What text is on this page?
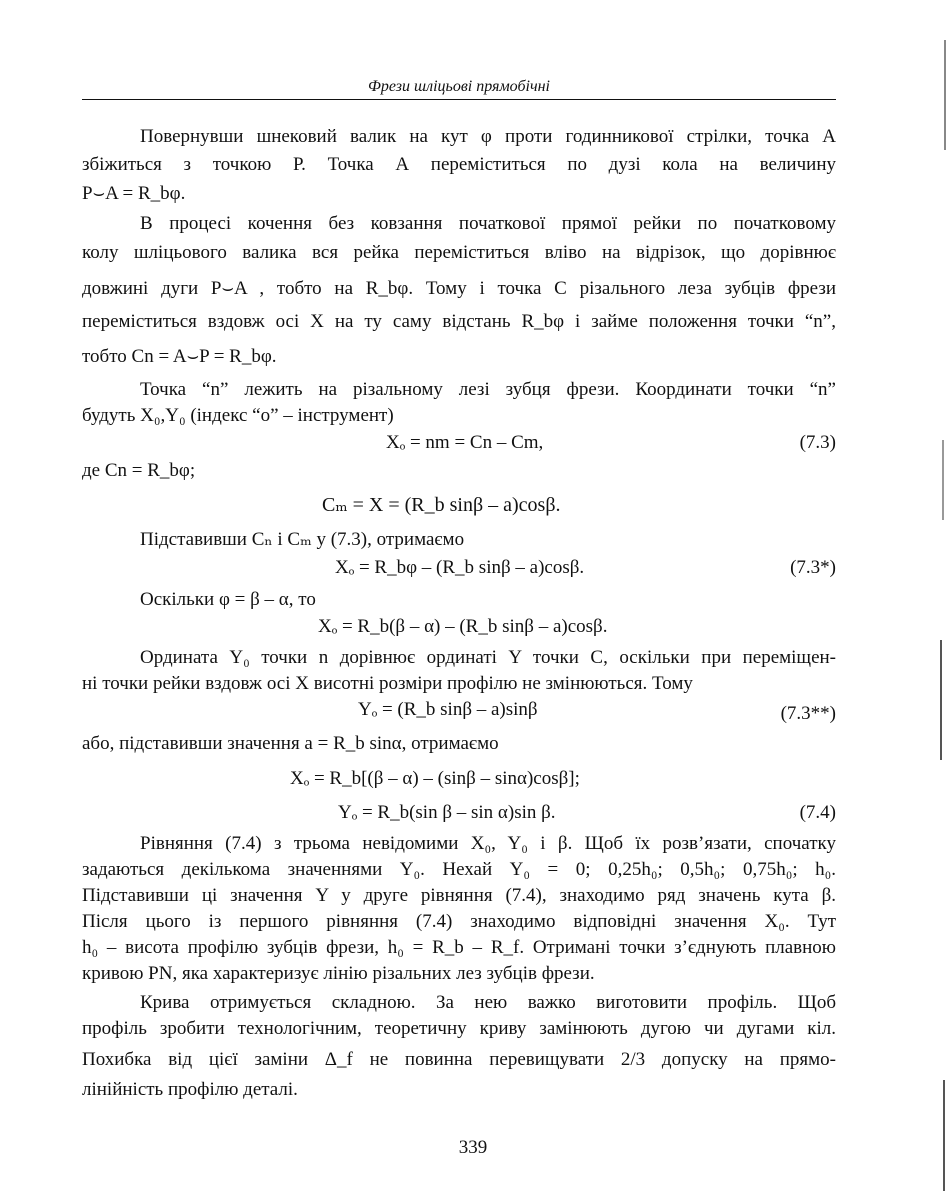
Фрези шліцьові прямобічні
Повернувши шнековий валик на кут φ проти годинникової стрілки, точка А
збіжиться з точкою Р. Точка А переміститься по дузі кола на величину
P⌣A = R_bφ.
В процесі кочення без ковзання початкової прямої рейки по початковому
колу шліцьового валика вся рейка переміститься вліво на відрізок, що дорівнює
довжині дуги P⌣A , тобто на R_bφ. Тому і точка С різального леза зубців фрези
переміститься вздовж осі X на ту саму відстань R_bφ і займе положення точки “n”,
тобто Cn = A⌣P = R_bφ.
Точка “n” лежить на різальному лезі зубця фрези. Координати точки “n”
будуть X₀,Y₀ (індекс “o” – інструмент)
Xₒ = nm = Cn – Cm,	(7.3)
де Cn = R_bφ;
Cₘ = X = (R_b sinβ – a)cosβ.
Підставивши Cₙ і Cₘ у (7.3), отримаємо
Xₒ = R_bφ – (R_b sinβ – a)cosβ.	(7.3*)
Оскільки φ = β – α, то
Xₒ = R_b(β – α) – (R_b sinβ – a)cosβ.
Ордината Y₀ точки n дорівнює ординаті Y точки С, оскільки при переміщен-
ні точки рейки вздовж осі X висотні розміри профілю не змінюються. Тому
Yₒ = (R_b sinβ – a)sinβ	(7.3**)
або, підставивши значення a = R_b sinα, отримаємо
Xₒ = R_b[(β – α) – (sinβ – sinα)cosβ];
Yₒ = R_b(sin β – sin α)sin β.	(7.4)
Рівняння (7.4) з трьома невідомими X₀, Y₀ і β. Щоб їх розв’язати, спочатку
задаються декількома значеннями Y₀. Нехай Y₀ = 0; 0,25h₀; 0,5h₀; 0,75h₀; h₀.
Підставивши ці значення Y у друге рівняння (7.4), знаходимо ряд значень кута β.
Після цього із першого рівняння (7.4) знаходимо відповідні значення X₀. Тут
h₀ – висота профілю зубців фрези, h₀ = R_b – R_f. Отримані точки з’єднують плавною
кривою PN, яка характеризує лінію різальних лез зубців фрези.
Крива отримується складною. За нею важко виготовити профіль. Щоб
профіль зробити технологічним, теоретичну криву замінюють дугою чи дугами кіл.
Похибка від цієї заміни Δ_f не повинна перевищувати 2/3 допуску на прямо-
лінійність профілю деталі.
339
